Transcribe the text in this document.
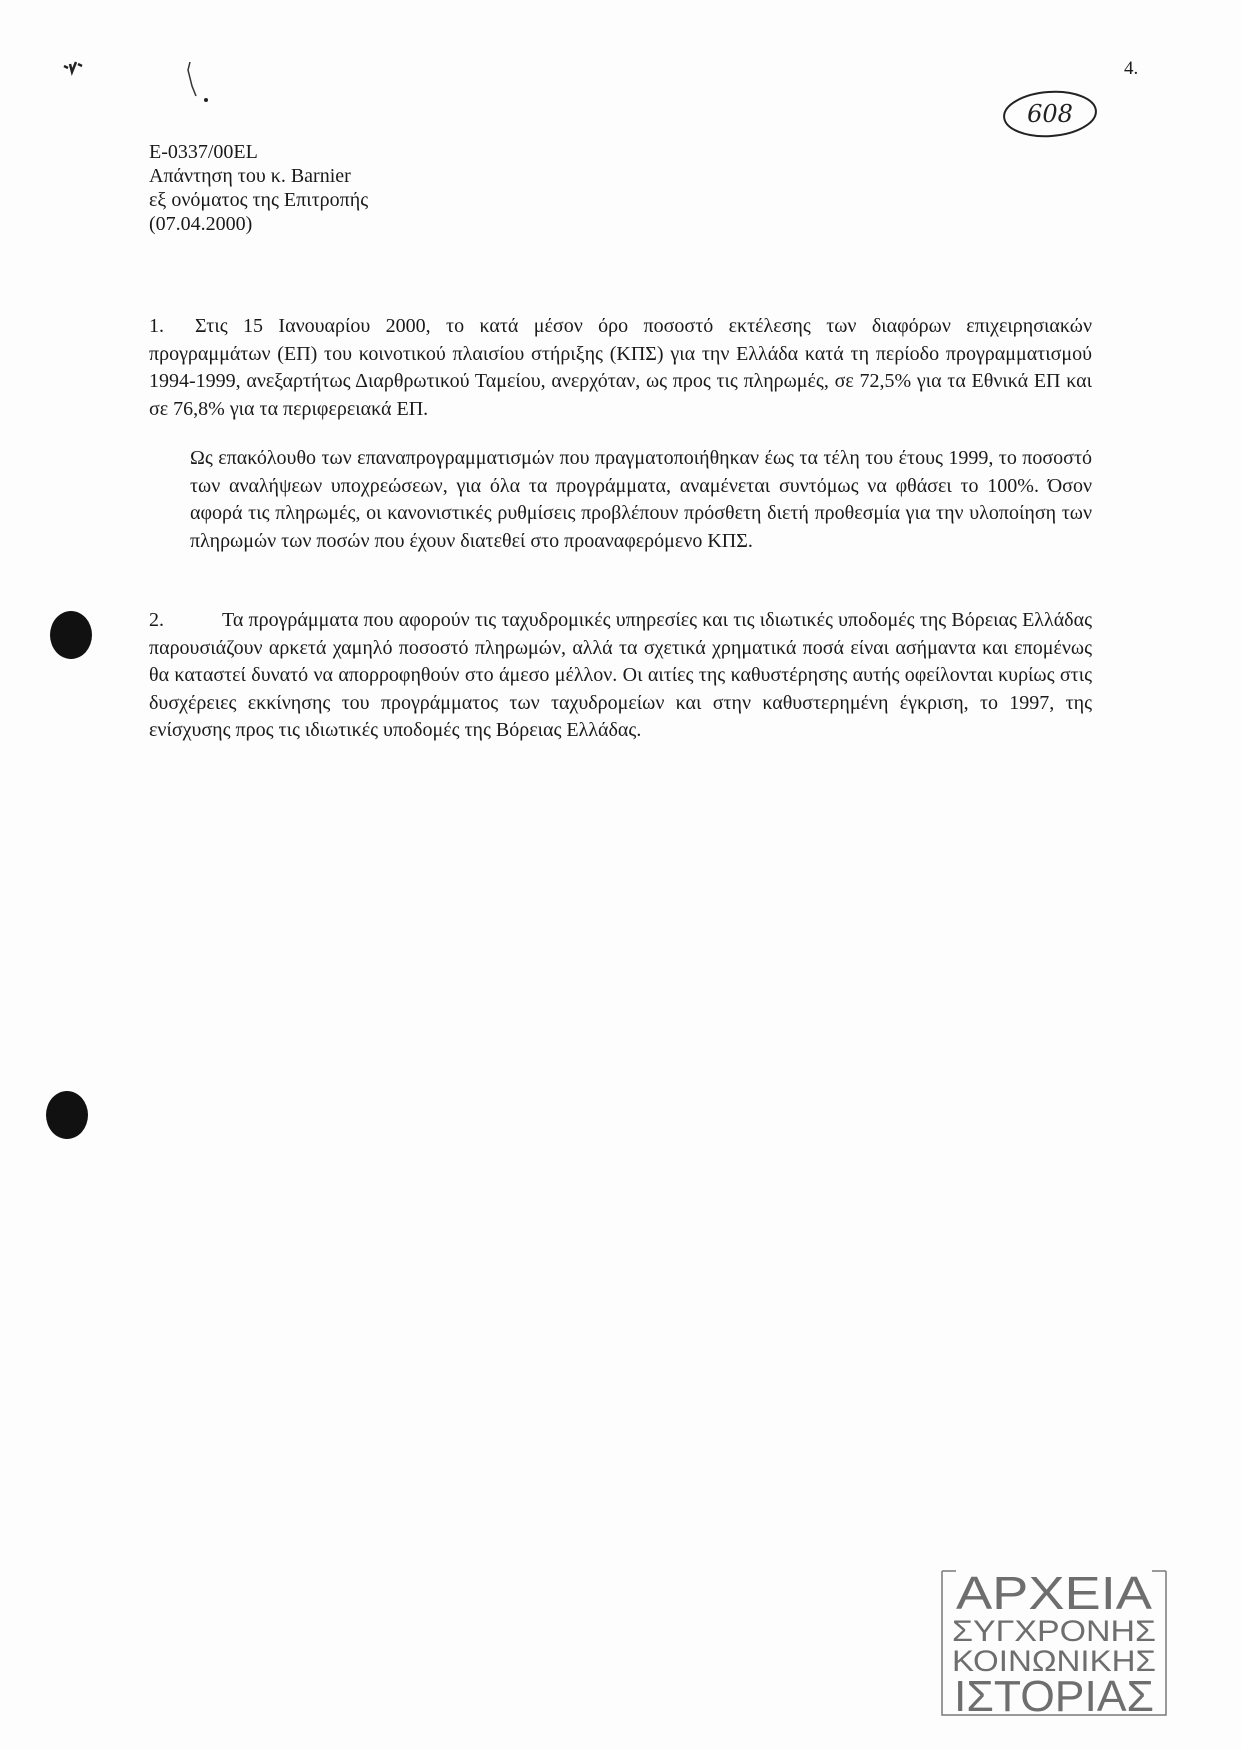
4.
608
E-0337/00EL
Απάντηση του κ. Barnier
εξ ονόματος της Επιτροπής
(07.04.2000)
1.	Στις 15 Ιανουαρίου 2000, το κατά μέσον όρο ποσοστό εκτέλεσης των διαφόρων επιχειρησιακών προγραμμάτων (ΕΠ) του κοινοτικού πλαισίου στήριξης (ΚΠΣ) για την Ελλάδα κατά τη περίοδο προγραμματισμού 1994-1999, ανεξαρτήτως Διαρθρωτικού Ταμείου, ανερχόταν, ως προς τις πληρωμές, σε 72,5% για τα Εθνικά ΕΠ και σε 76,8% για τα περιφερειακά ΕΠ.
Ως επακόλουθο των επαναπρογραμματισμών που πραγματοποιήθηκαν έως τα τέλη του έτους 1999, το ποσοστό των αναλήψεων υποχρεώσεων, για όλα τα προγράμματα, αναμένεται συντόμως να φθάσει το 100%. Όσον αφορά τις πληρωμές, οι κανονιστικές ρυθμίσεις προβλέπουν πρόσθετη διετή προθεσμία για την υλοποίηση των πληρωμών των ποσών που έχουν διατεθεί στο προαναφερόμενο ΚΠΣ.
2.	Τα προγράμματα που αφορούν τις ταχυδρομικές υπηρεσίες και τις ιδιωτικές υποδομές της Βόρειας Ελλάδας παρουσιάζουν αρκετά χαμηλό ποσοστό πληρωμών, αλλά τα σχετικά χρηματικά ποσά είναι ασήμαντα και επομένως θα καταστεί δυνατό να απορροφηθούν στο άμεσο μέλλον. Οι αιτίες της καθυστέρησης αυτής οφείλονται κυρίως στις δυσχέρειες εκκίνησης του προγράμματος των ταχυδρομείων και στην καθυστερημένη έγκριση, το 1997, της ενίσχυσης προς τις ιδιωτικές υποδομές της Βόρειας Ελλάδας.
ΑΡΧΕΙΑ
ΣΥΓΧΡΟΝΗΣ
ΚΟΙΝΩΝΙΚΗΣ
ΙΣΤΟΡΙΑΣ
